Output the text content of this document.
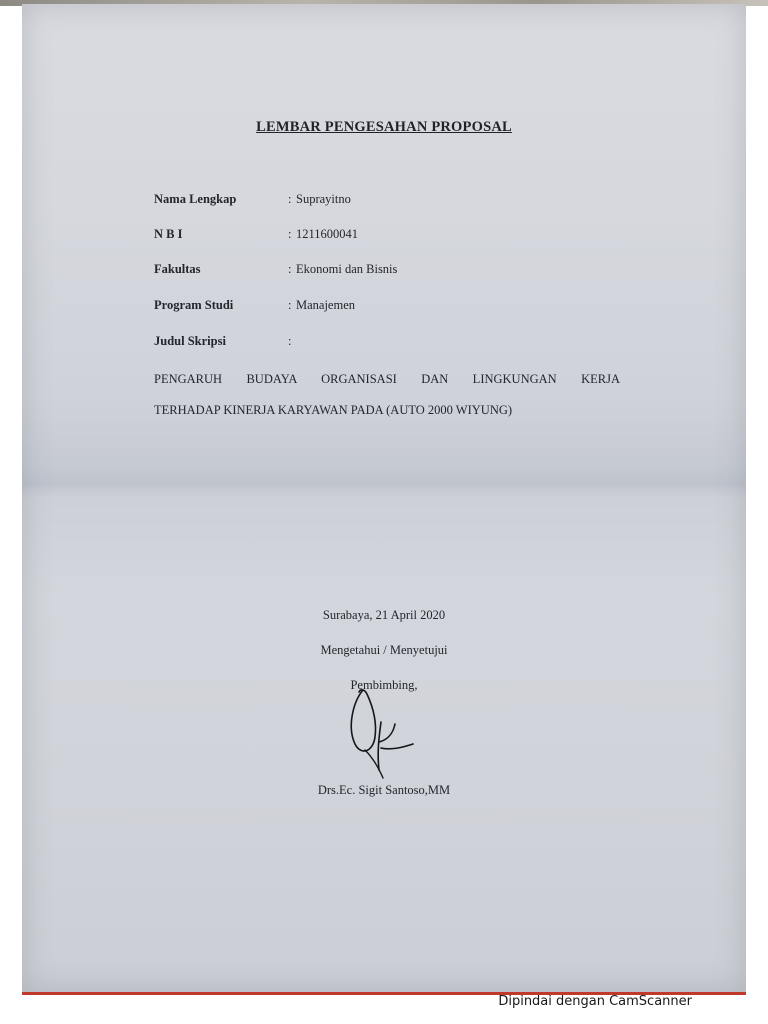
LEMBAR PENGESAHAN PROPOSAL
Nama Lengkap	: Suprayitno
N B I	: 1211600041
Fakultas	: Ekonomi dan Bisnis
Program Studi	: Manajemen
Judul Skripsi	:
PENGARUH BUDAYA ORGANISASI DAN LINGKUNGAN KERJA
TERHADAP KINERJA KARYAWAN PADA (AUTO 2000 WIYUNG)
Surabaya, 21 April 2020
Mengetahui / Menyetujui
Pembimbing,
Drs.Ec. Sigit Santoso,MM
Dipindai dengan CamScanner
